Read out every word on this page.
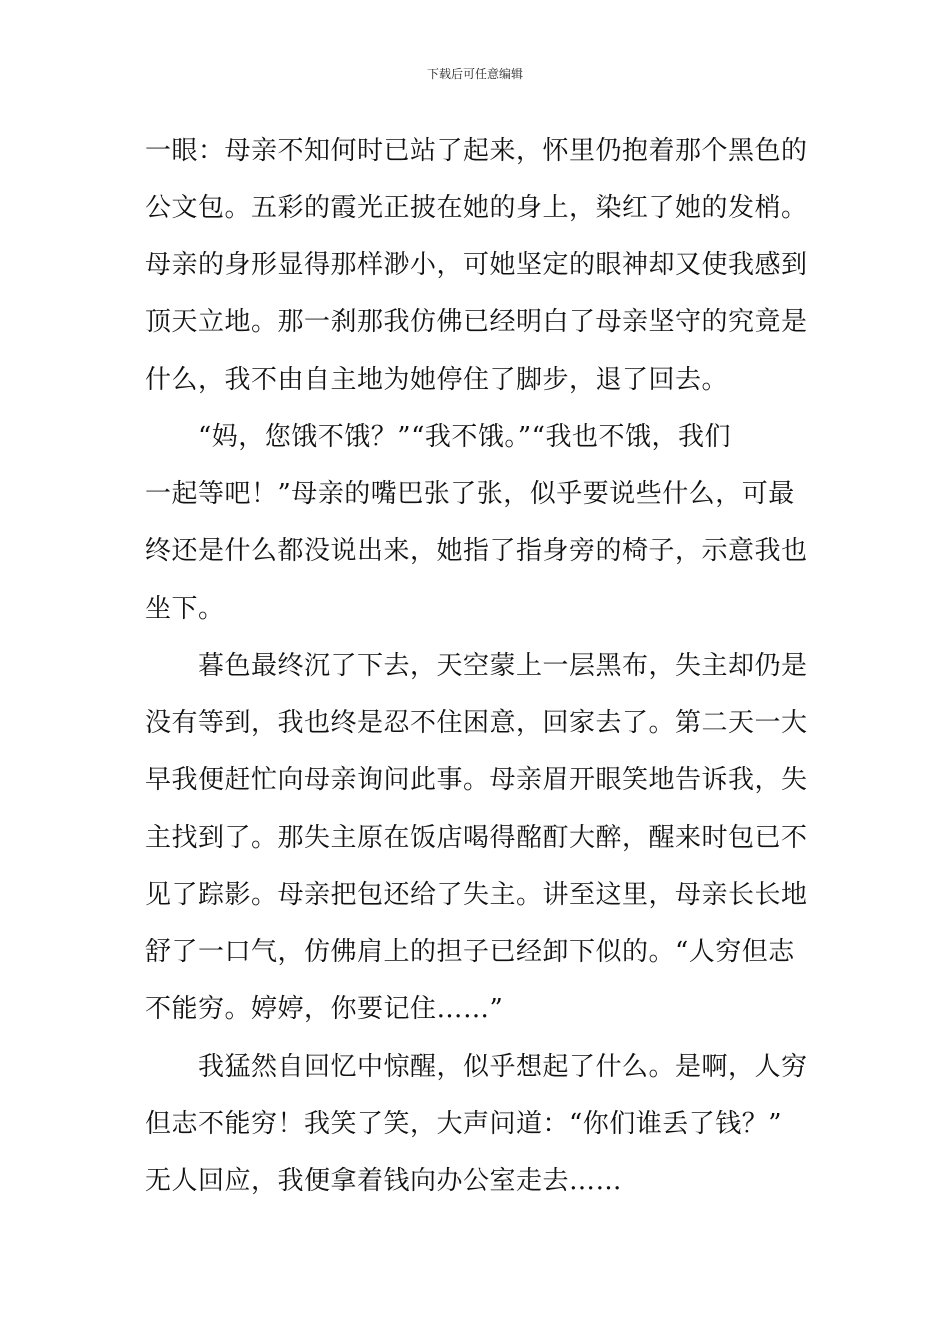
下载后可任意编辑
一眼：母亲不知何时已站了起来，怀里仍抱着那个黑色的
公文包。五彩的霞光正披在她的身上，染红了她的发梢。
母亲的身形显得那样渺小，可她坚定的眼神却又使我感到
顶天立地。那一刹那我仿佛已经明白了母亲坚守的究竟是
什么，我不由自主地为她停住了脚步，退了回去。
“妈，您饿不饿？”“我不饿。”“我也不饿，我们
一起等吧！”母亲的嘴巴张了张，似乎要说些什么，可最
终还是什么都没说出来，她指了指身旁的椅子，示意我也
坐下。
暮色最终沉了下去，天空蒙上一层黑布，失主却仍是
没有等到，我也终是忍不住困意，回家去了。第二天一大
早我便赶忙向母亲询问此事。母亲眉开眼笑地告诉我，失
主找到了。那失主原在饭店喝得酩酊大醉，醒来时包已不
见了踪影。母亲把包还给了失主。讲至这里，母亲长长地
舒了一口气，仿佛肩上的担子已经卸下似的。“人穷但志
不能穷。婷婷，你要记住……”
我猛然自回忆中惊醒，似乎想起了什么。是啊，人穷
但志不能穷！我笑了笑，大声问道：“你们谁丢了钱？”
无人回应，我便拿着钱向办公室走去……
